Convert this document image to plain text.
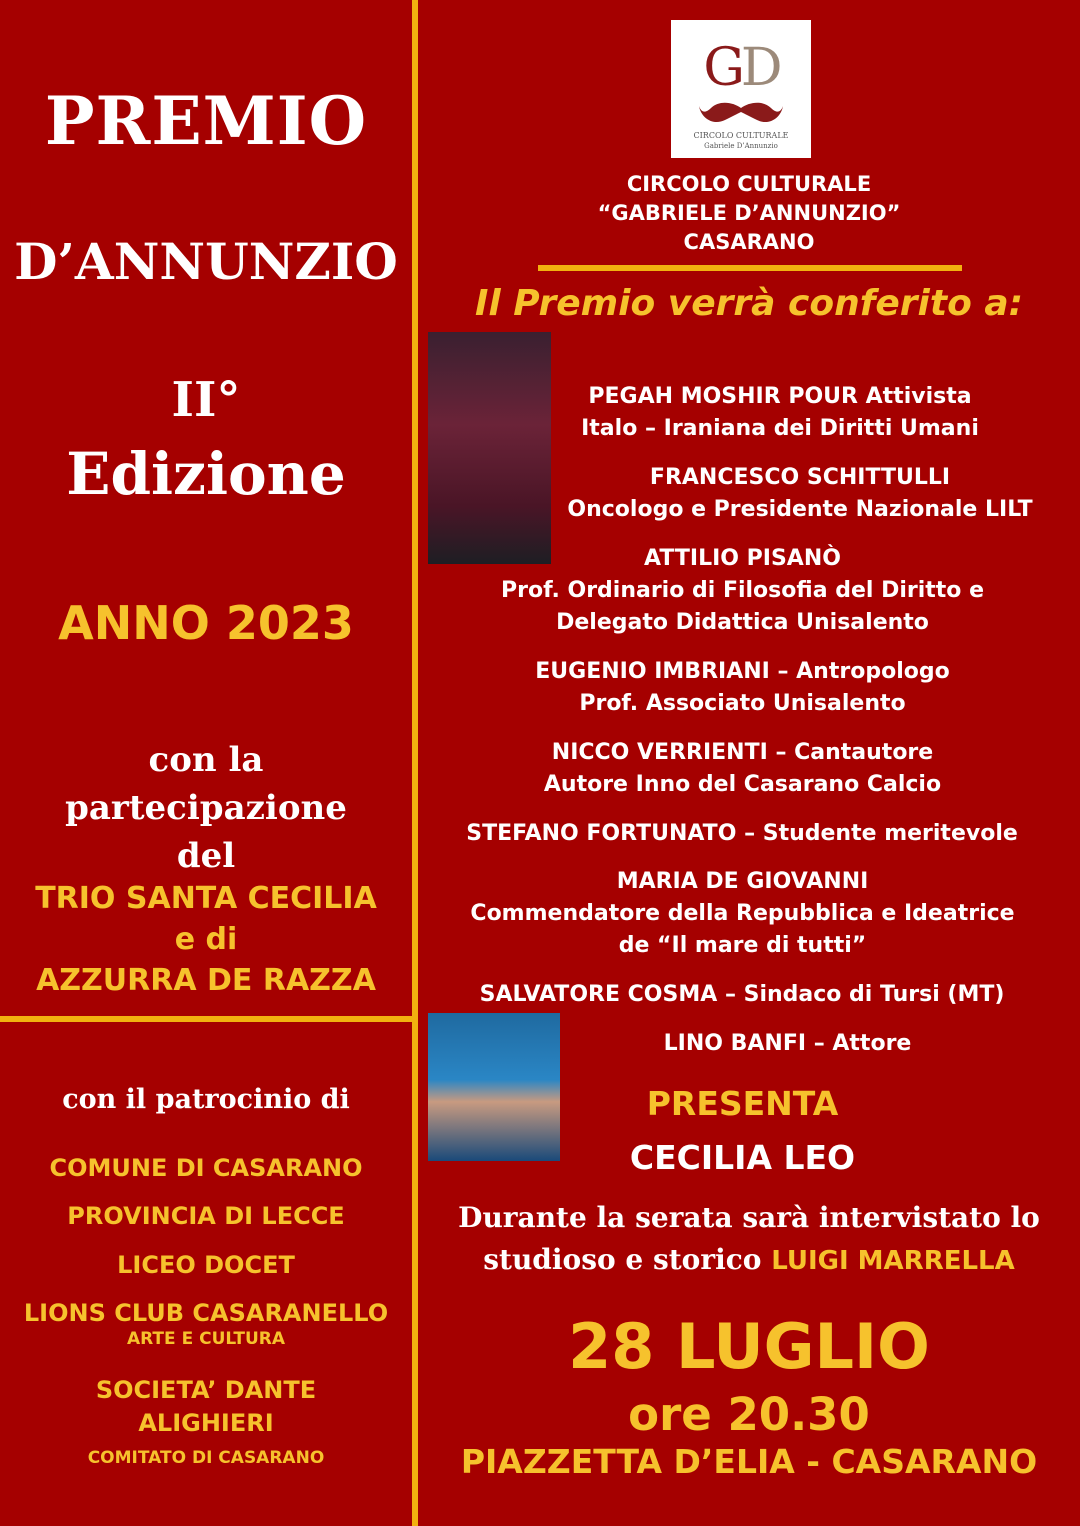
PREMIO
D’ANNUNZIO
II°
Edizione
ANNO 2023
con la
partecipazione
del
TRIO SANTA CECILIA
e di
AZZURRA DE RAZZA
con il patrocinio di
COMUNE DI CASARANO
PROVINCIA DI LECCE
LICEO DOCET
LIONS CLUB CASARANELLO
ARTE E CULTURA
SOCIETA’ DANTE
ALIGHIERI
COMITATO DI CASARANO
GD
CIRCOLO CULTURALE
Gabriele D’Annunzio
CIRCOLO CULTURALE
“GABRIELE D’ANNUNZIO”
CASARANO
Il Premio verrà conferito a:
PEGAH MOSHIR POUR Attivista
Italo – Iraniana dei Diritti Umani
FRANCESCO SCHITTULLI
Oncologo e Presidente Nazionale LILT
ATTILIO PISANÒ
Prof. Ordinario di Filosofia del Diritto e
Delegato Didattica Unisalento
EUGENIO IMBRIANI – Antropologo
Prof. Associato Unisalento
NICCO VERRIENTI – Cantautore
Autore Inno del Casarano Calcio
STEFANO FORTUNATO – Studente meritevole
MARIA DE GIOVANNI
Commendatore della Repubblica e Ideatrice
de “Il mare di tutti”
SALVATORE COSMA – Sindaco di Tursi (MT)
LINO BANFI – Attore
PRESENTA
CECILIA LEO
Durante la serata sarà intervistato lo
studioso e storico LUIGI MARRELLA
28 LUGLIO
ore 20.30
PIAZZETTA D’ELIA - CASARANO
